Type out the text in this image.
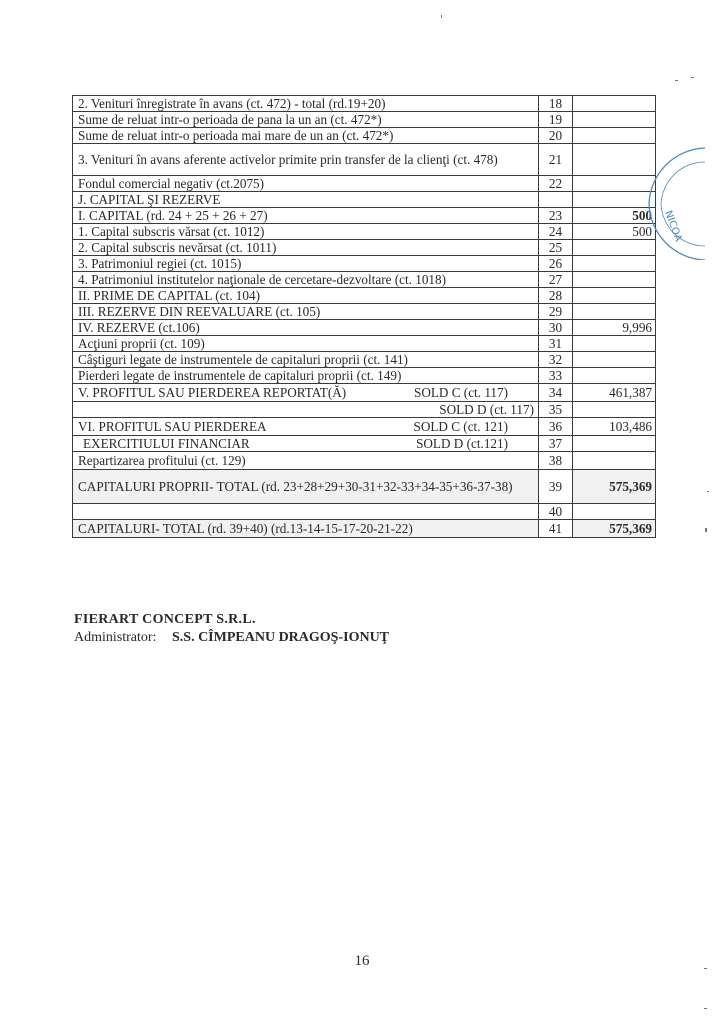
2. Venituri înregistrate în avans (ct. 472) - total (rd.19+20)	18	
Sume de reluat intr-o perioada de pana la un an (ct. 472*)	19	
Sume de reluat intr-o perioada mai mare de un an (ct. 472*)	20	
3. Venituri în avans aferente activelor primite prin transfer de la clienţi (ct. 478)	21	
Fondul comercial negativ (ct.2075)	22	
J. CAPITAL ŞI REZERVE		
I. CAPITAL (rd. 24 + 25 + 26 + 27)	23	500
1. Capital subscris vărsat (ct. 1012)	24	500
2. Capital subscris nevărsat (ct. 1011)	25	
3. Patrimoniul regiei (ct. 1015)	26	
4. Patrimoniul institutelor naţionale de cercetare-dezvoltare (ct. 1018)	27	
II. PRIME DE CAPITAL (ct. 104)	28	
III. REZERVE DIN REEVALUARE (ct. 105)	29	
IV. REZERVE (ct.106)	30	9,996
Acţiuni proprii (ct. 109)	31	
Câştiguri legate de instrumentele de capitaluri proprii (ct. 141)	32	
Pierderi legate de instrumentele de capitaluri proprii (ct. 149)	33	

V. PROFITUL SAU PIERDEREA REPORTAT(Ă) SOLD C (ct. 117)	34	461,387
SOLD D (ct. 117)	35	

VI. PROFITUL SAU PIERDEREA SOLD C (ct. 121)	36	103,486

EXERCITIULUI FINANCIAR SOLD D (ct.121)	37	
Repartizarea profitului (ct. 129)	38	
CAPITALURI PROPRII- TOTAL (rd. 23+28+29+30-31+32-33+34-35+36-37-38)	39	575,369
	40	
CAPITALURI- TOTAL (rd. 39+40) (rd.13-14-15-17-20-21-22)	41	575,369
NICOA
FIERART CONCEPT S.R.L.
Administrator: S.S. CÎMPEANU DRAGOŞ-IONUŢ
16
